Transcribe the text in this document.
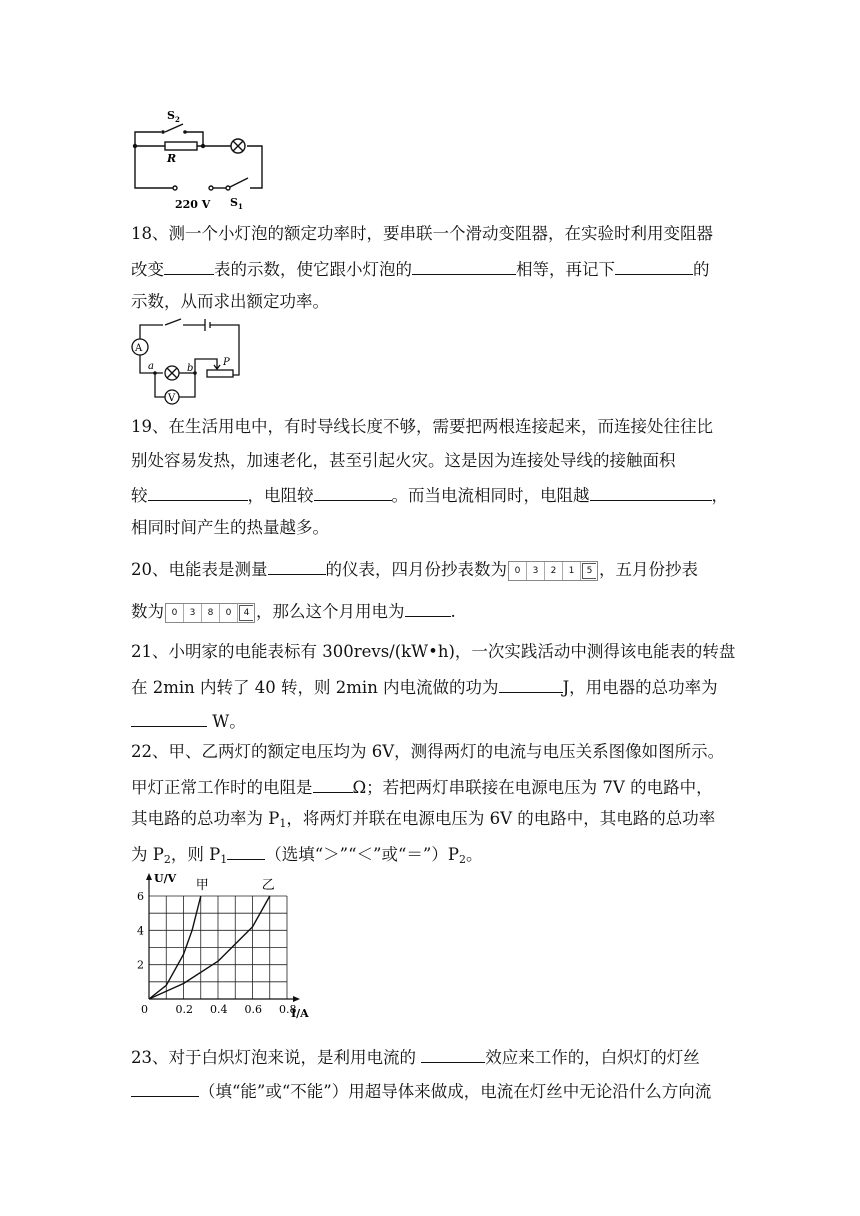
$S_2$
R
220 V $S_1$
18、测一个小灯泡的额定功率时，要串联一个滑动变阻器，在实验时利用变阻器
改变	表的示数，使它跟小灯泡的	相等，再记下	的
示数，从而求出额定功率。
A
V
a	b
P
19、在生活用电中，有时导线长度不够，需要把两根连接起来，而连接处往往比
别处容易发热，加速老化，甚至引起火灾。这是因为连接处导线的接触面积
较	，电阻较	。而当电流相同时，电阻越	，
相同时间产生的热量越多。
20、电能表是测量	的仪表，四月份抄表数为 0	3	2	1	5 ，五月份抄表
数为 0	3	8	0	4 ，那么这个月用电为	.
21、小明家的电能表标有 300revs/(kW•h)，一次实践活动中测得该电能表的转盘
在 2min 内转了 40 转，则 2min 内电流做的功为	J，用电器的总功率为
W。
22、甲、乙两灯的额定电压均为 6V，测得两灯的电流与电压关系图像如图所示。
甲灯正常工作时的电阻是 Ω；若把两灯串联接在电源电压为 7V 的电路中，
其电路的总功率为 $P_1$，将两灯并联在电源电压为 6V 的电路中，其电路的总功率
为 $P_2$，则 $P_1$ （选填“＞”“＜”或“$=”)P_2$。
U/V
I/A
0	0.2 0.4 0.6 0.8
2
4
6
甲	乙
23、对于白炽灯泡来说，是利用电流的	效应来工作的，白炽灯的灯丝
（填“能”或“不能”）用超导体来做成，电流在灯丝中无论沿什么方向流
